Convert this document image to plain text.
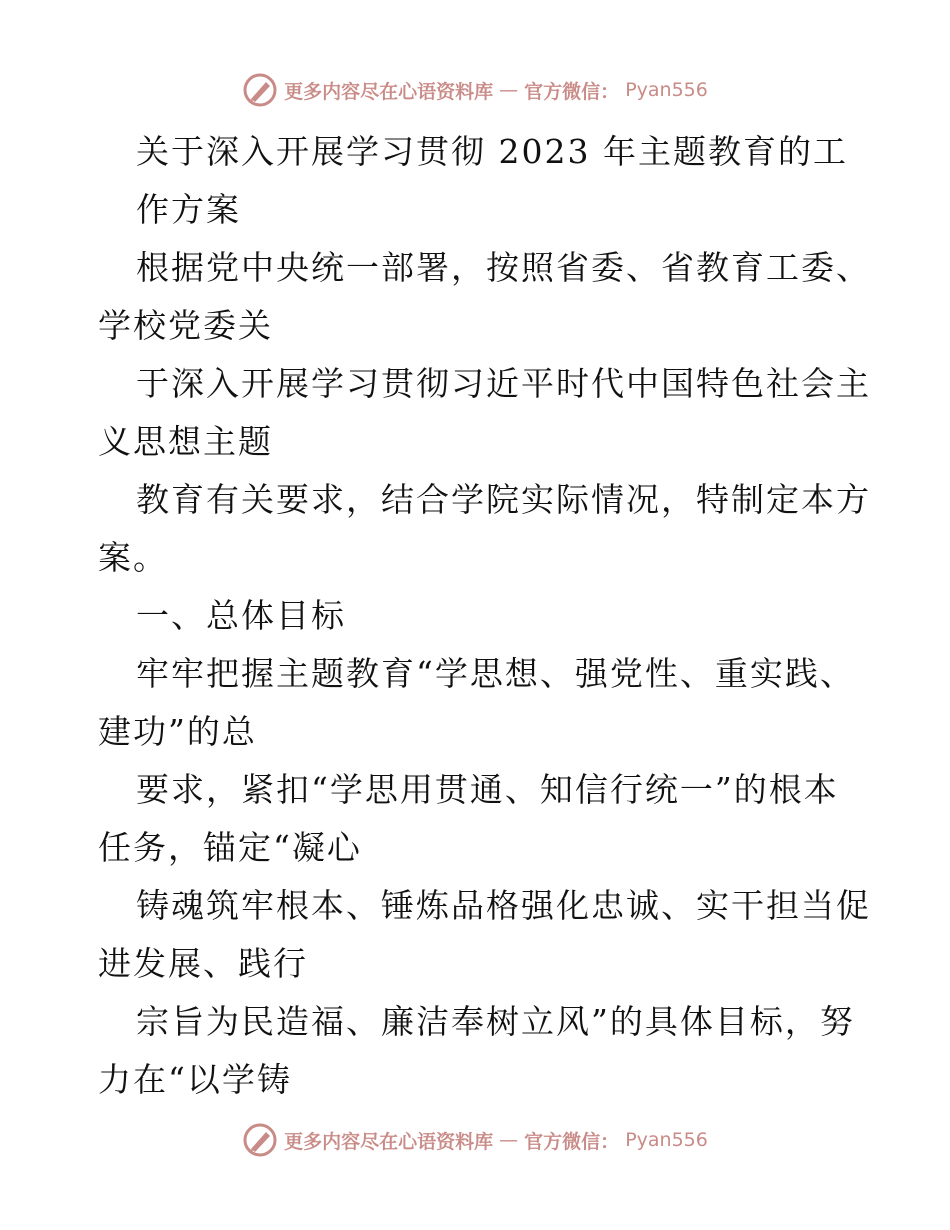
更多内容尽在心语资料库 — 官方微信： Pyan556
关于深入开展学习贯彻 2023 年主题教育的工
作方案
根据党中央统一部署，按照省委、省教育工委、
学校党委关
于深入开展学习贯彻习近平时代中国特色社会主
义思想主题
教育有关要求，结合学院实际情况，特制定本方
案。
一、总体目标
牢牢把握主题教育“学思想、强党性、重实践、
建功”的总
要求，紧扣“学思用贯通、知信行统一”的根本
任务，锚定“凝心
铸魂筑牢根本、锤炼品格强化忠诚、实干担当促
进发展、践行
宗旨为民造福、廉洁奉树立风”的具体目标，努
力在“以学铸
更多内容尽在心语资料库 — 官方微信： Pyan556
